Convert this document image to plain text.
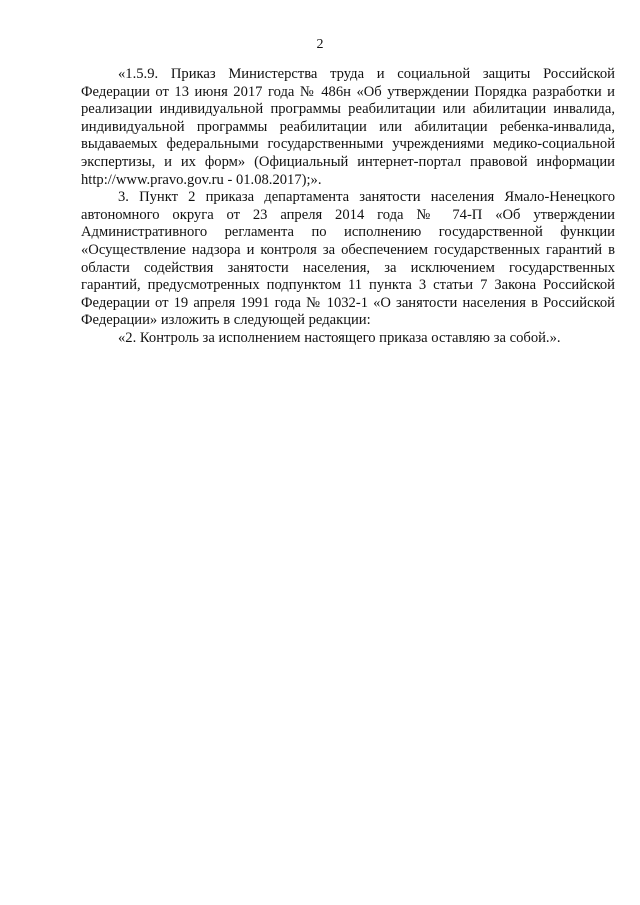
2

«1.5.9. Приказ Министерства труда и социальной защиты Российской Федерации от 13 июня 2017 года № 486н «Об утверждении Порядка разработки и реализации индивидуальной программы реабилитации или абилитации инвалида, индивидуальной программы реабилитации или абилитации ребенка-инвалида, выдаваемых федеральными государственными учреждениями медико-социальной экспертизы, и их форм» (Официальный интернет-портал правовой информации http://www.pravo.gov.ru - 01.08.2017);».

3. Пункт 2 приказа департамента занятости населения Ямало-Ненецкого автономного округа от 23 апреля 2014 года № 74-П «Об утверждении Административного регламента по исполнению государственной функции «Осуществление надзора и контроля за обеспечением государственных гарантий в области содействия занятости населения, за исключением государственных гарантий, предусмотренных подпунктом 11 пункта 3 статьи 7 Закона Российской Федерации от 19 апреля 1991 года № 1032-1 «О занятости населения в Российской Федерации» изложить в следующей редакции:

«2. Контроль за исполнением настоящего приказа оставляю за собой.».
